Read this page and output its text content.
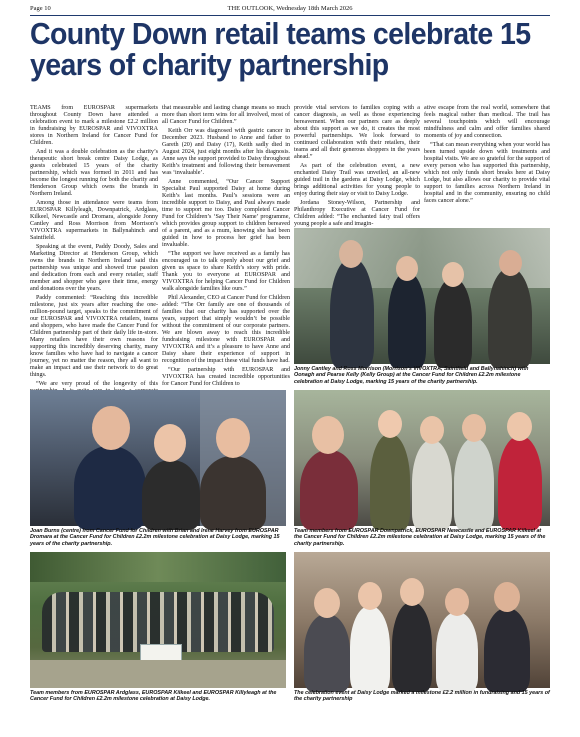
Page 10	THE OUTLOOK, Wednesday 18th March 2026
County Down retail teams celebrate 15 years of charity partnership

TEAMS from EUROSPAR supermarkets throughout County Down have attended a celebration event to mark a milestone £2.2 million in fundraising by EUROSPAR and VIVOXTRA stores in Northern Ireland for Cancer Fund for Children.

And it was a double celebration as the charity’s therapeutic short break centre Daisy Lodge, as guests celebrated 15 years of the charity partnership, which was formed in 2011 and has become the longest running for both the charity and Henderson Group which owns the brands in Northern Ireland.

Among those in attendance were teams from EUROSPAR Killyleagh, Downpatrick, Ardglass, Kilkeel, Newcastle and Dromara, alongside Jonny Cantley and Ross Morrison from Morrison’s VIVOXTRA supermarkets in Ballynahinch and Saintfield.

Speaking at the event, Paddy Doody, Sales and Marketing Director at Henderson Group, which owns the brands in Northern Ireland said this partnership was unique and showed true passion and dedication from each and every retailer, staff member and shopper who gave their time, energy and donations over the years.

Paddy commented: “Reaching this incredible milestone, just six years after reaching the one-million-pound target, speaks to the commitment of our EUROSPAR and VIVOXTRA retailers, teams and shoppers, who have made the Cancer Fund for Children partnership part of their daily life in-store. Many retailers have their own reasons for supporting this incredibly deserving charity, many know families who have had to navigate a cancer journey, yet no matter the reason, they all want to make an impact and use their network to do great things.

“We are very proud of the longevity of this

that measurable and lasting change means so much more than short term wins for all involved, most of all Cancer Fund for Children.”

Keith Orr was diagnosed with gastric cancer in December 2023. Husband to Anne and father to Gareth (20) and Daisy (17), Keith sadly died in August 2024, just eight months after his diagnosis. Anne says the support provided to Daisy throughout Keith’s treatment and following their bereavement was ‘invaluable’.

Anne commented, “Our Cancer Support Specialist Paul supported Daisy at home during Keith’s last months. Paul’s sessions were an incredible support to Daisy, and Paul always made time to support me too. Daisy completed Cancer Fund for Children’s ‘Say Their Name’ programme, which provides group support to children bereaved of a parent, and as a mum, knowing she had been guided in how to process her grief has been invaluable.

“The support we have received as a family has encouraged us to talk openly about our grief and given us space to share Keith’s story with pride. Thank you to everyone at EUROSPAR and VIVOXTRA for helping Cancer Fund for Children walk alongside families like ours.”

Phil Alexander, CEO at Cancer Fund for Children added: “The Orr family are one of thousands of families that our charity has supported over the years, support that simply wouldn’t be possible without the commitment of our corporate partners. We are blown away to reach this incredible fundraising milestone with EUROSPAR and VIVOXTRA and it’s a pleasure to have Anne and Daisy share their experience of support in recognition of the impact these vital funds have had.

“Our partnership with EUROSPAR and VIVOXTRA has created incredible opportunities for Cancer Fund for Children to

provide vital services to families coping with a cancer diagnosis, as well as those experiencing bereavement. When our partners care as deeply about this support as we do, it creates the most powerful partnerships. We look forward to continued collaboration with their retailers, their teams and all their generous shoppers in the years ahead.”

As part of the celebration event, a new enchanted Daisy Trail was unveiled, an all-new guided trail in the gardens at Daisy Lodge, which brings additional activities for young people to enjoy during their stay or visit to Daisy Lodge.

Jordana Stoney-Wilson, Partnership and Philanthropy Executive at Cancer Fund for Children added: “The enchanted fairy trail offers young people a safe and imagin-

ative escape from the real world, somewhere that feels magical rather than medical. The trail has several touchpoints which will encourage mindfulness and calm and offer families shared moments of joy and connection.

“That can mean everything when your world has been turned upside down with treatments and hospital visits. We are so grateful for the support of every person who has supported this partnership, which not only funds short breaks here at Daisy Lodge, but also allows our charity to provide vital support to families across Northern Ireland in hospital and in the community, ensuring no child faces cancer alone.”

Jonny Cantley and Ross Morrison (Morrison’s VIVOXTRA, Saintfield and Ballynahinch) with Oonagh and Pearse Kelly (Kelly Group) at the Cancer Fund for Children £2.2m milestone celebration at Daisy Lodge, marking 15 years of the charity partnership.
Joan Burns (centre) from Cancer Fund for Children with Brian and Irene Harvey from EUROSPAR Dromara at the Cancer Fund for Children £2.2m milestone celebration at Daisy Lodge, marking 15 years of the charity partnership.
Team members from EUROSPAR Downpatrick, EUROSPAR Newcastle and EUROSPAR Kilkeel at the Cancer Fund for Children £2.2m milestone celebration at Daisy Lodge, marking 15 years of the charity partnership.
Team members from EUROSPAR Ardglass, EUROSPAR Kilkeel and EUROSPAR Killyleagh at the Cancer Fund for Children £2.2m milestone celebration at Daisy Lodge.
The celebration event at Daisy Lodge marked a milestone £2.2 million in fundraising and 15 years of the charity partnership
